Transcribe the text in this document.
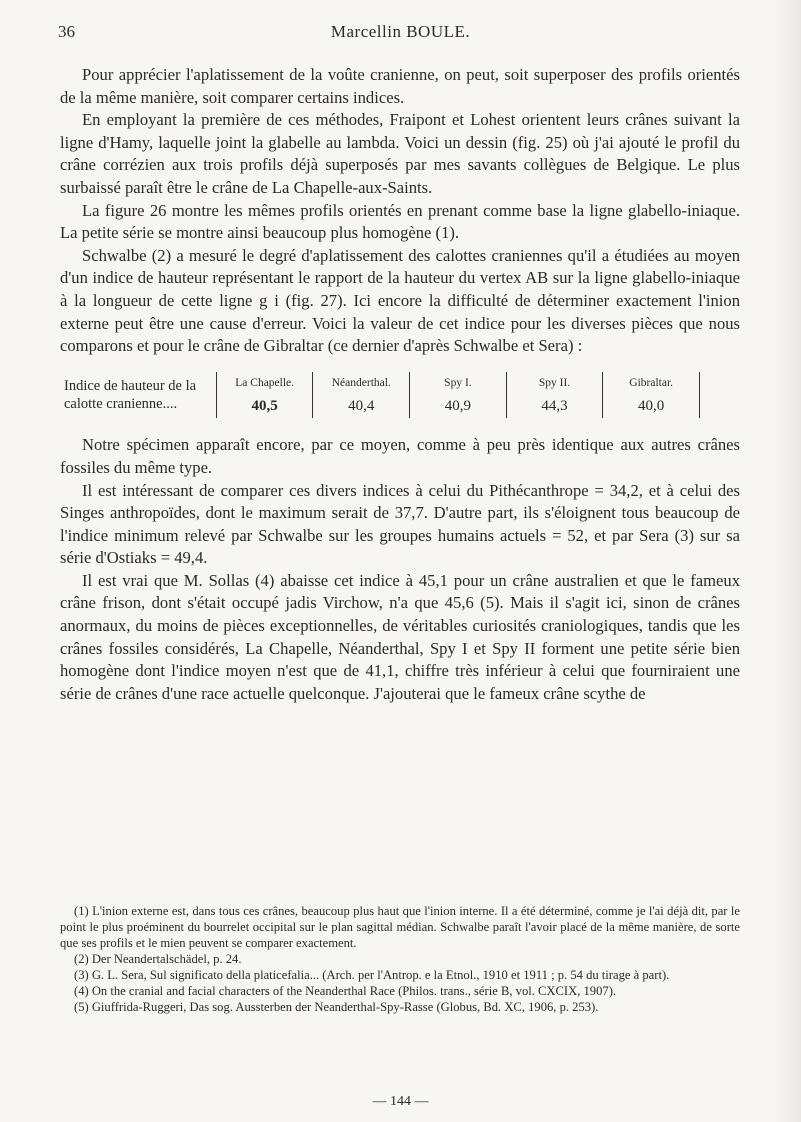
36	Marcellin BOULE.

Pour apprécier l'aplatissement de la voûte cranienne, on peut, soit superposer des profils orientés de la même manière, soit comparer certains indices.

En employant la première de ces méthodes, Fraipont et Lohest orientent leurs crânes suivant la ligne d'Hamy, laquelle joint la glabelle au lambda. Voici un dessin (fig. 25) où j'ai ajouté le profil du crâne corrézien aux trois profils déjà superposés par mes savants collègues de Belgique. Le plus surbaissé paraît être le crâne de La Chapelle-aux-Saints.

La figure 26 montre les mêmes profils orientés en prenant comme base la ligne glabello-iniaque. La petite série se montre ainsi beaucoup plus homogène (1).

Schwalbe (2) a mesuré le degré d'aplatissement des calottes craniennes qu'il a étudiées au moyen d'un indice de hauteur représentant le rapport de la hauteur du vertex AB sur la ligne glabello-iniaque à la longueur de cette ligne g i (fig. 27). Ici encore la difficulté de déterminer exactement l'inion externe peut être une cause d'erreur. Voici la valeur de cet indice pour les diverses pièces que nous comparons et pour le crâne de Gibraltar (ce dernier d'après Schwalbe et Sera) :

Indice de hauteur de la calotte cranienne....	La Chapelle.	Néanderthal.	Spy I.	Spy II.	Gibraltar.
	40,5	40,4	40,9	44,3	40,0

Notre spécimen apparaît encore, par ce moyen, comme à peu près identique aux autres crânes fossiles du même type.

Il est intéressant de comparer ces divers indices à celui du Pithécanthrope = 34,2, et à celui des Singes anthropoïdes, dont le maximum serait de 37,7. D'autre part, ils s'éloignent tous beaucoup de l'indice minimum relevé par Schwalbe sur les groupes humains actuels = 52, et par Sera (3) sur sa série d'Ostiaks = 49,4.

Il est vrai que M. Sollas (4) abaisse cet indice à 45,1 pour un crâne australien et que le fameux crâne frison, dont s'était occupé jadis Virchow, n'a que 45,6 (5). Mais il s'agit ici, sinon de crânes anormaux, du moins de pièces exceptionnelles, de véritables curiosités craniologiques, tandis que les crânes fossiles considérés, La Chapelle, Néanderthal, Spy I et Spy II forment une petite série bien homogène dont l'indice moyen n'est que de 41,1, chiffre très inférieur à celui que fourniraient une série de crânes d'une race actuelle quelconque. J'ajouterai que le fameux crâne scythe de

(1) L'inion externe est, dans tous ces crânes, beaucoup plus haut que l'inion interne. Il a été déterminé, comme je l'ai déjà dit, par le point le plus proéminent du bourrelet occipital sur le plan sagittal médian. Schwalbe paraît l'avoir placé de la même manière, de sorte que ses profils et le mien peuvent se comparer exactement.

(2) Der Neandertalschädel, p. 24.

(3) G. L. Sera, Sul significato della platicefalia... (Arch. per l'Antrop. e la Etnol., 1910 et 1911 ; p. 54 du tirage à part).

(4) On the cranial and facial characters of the Neanderthal Race (Philos. trans., série B, vol. CXCIX, 1907).

(5) Giuffrida-Ruggeri, Das sog. Aussterben der Neanderthal-Spy-Rasse (Globus, Bd. XC, 1906, p. 253).

— 144 —
